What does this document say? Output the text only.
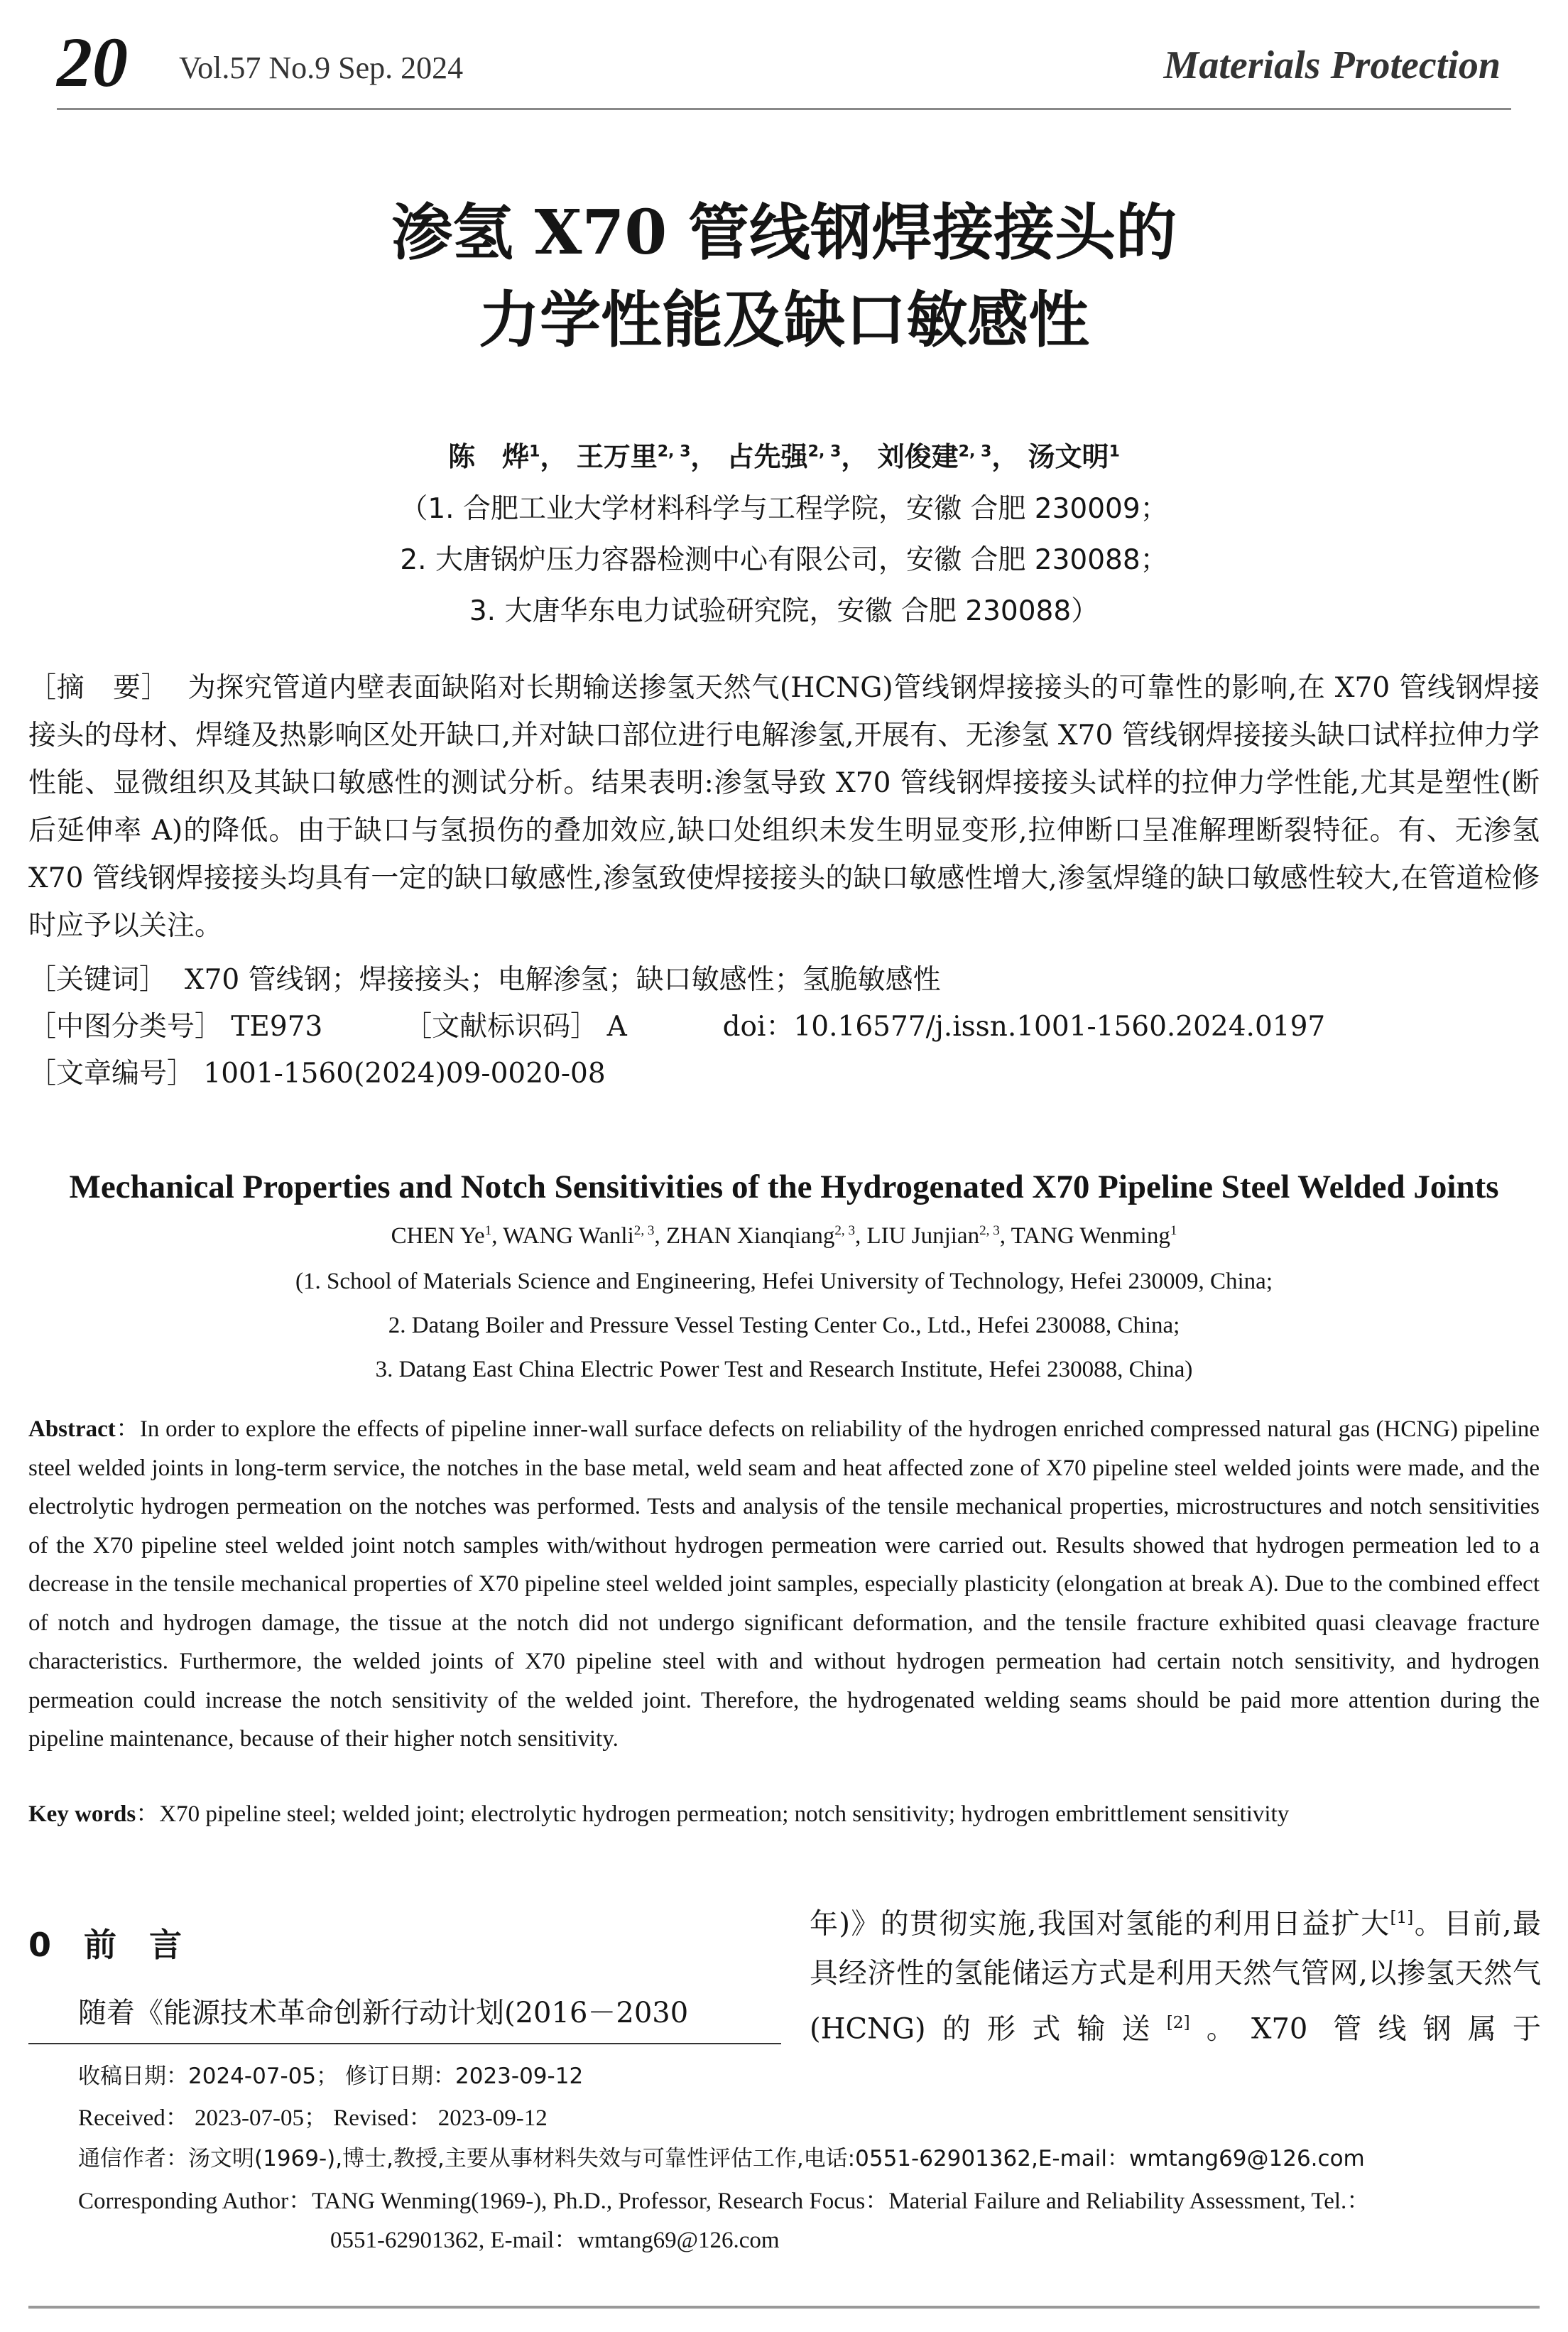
20 Vol.57 No.9 Sep. 2024	Materials Protection
渗氢 X70 管线钢焊接接头的
力学性能及缺口敏感性
陈　烨$^1$， 王万里$^{2, 3}$， 占先强$^{2, 3}$， 刘俊建$^{2, 3}$， 汤文明$^1$
（1. 合肥工业大学材料科学与工程学院，安徽 合肥 230009；
2. 大唐锅炉压力容器检测中心有限公司，安徽 合肥 230088；
3. 大唐华东电力试验研究院，安徽 合肥 230088）
［摘　要］ 为探究管道内壁表面缺陷对长期输送掺氢天然气(HCNG)管线钢焊接接头的可靠性的影响,在 X70 管线钢焊接接头的母材、焊缝及热影响区处开缺口,并对缺口部位进行电解渗氢,开展有、无渗氢 X70 管线钢焊接接头缺口试样拉伸力学性能、显微组织及其缺口敏感性的测试分析。结果表明:渗氢导致 X70 管线钢焊接接头试样的拉伸力学性能,尤其是塑性(断后延伸率 A)的降低。由于缺口与氢损伤的叠加效应,缺口处组织未发生明显变形,拉伸断口呈准解理断裂特征。有、无渗氢 X70 管线钢焊接接头均具有一定的缺口敏感性,渗氢致使焊接接头的缺口敏感性增大,渗氢焊缝的缺口敏感性较大,在管道检修时应予以关注。
［关键词］ X70 管线钢；焊接接头；电解渗氢；缺口敏感性；氢脆敏感性
［中图分类号］ TE973	［文献标识码］ A	doi：10.16577/j.issn.1001-1560.2024.0197
［文章编号］ 1001-1560(2024)09-0020-08
Mechanical Properties and Notch Sensitivities of the Hydrogenated X70 Pipeline Steel Welded Joints
CHEN Ye$^1$, WANG Wanli$^{2, 3}$, ZHAN Xianqiang$^{2, 3}$, LIU Junjian$^{2, 3}$, TANG Wenming$^1$
(1. School of Materials Science and Engineering, Hefei University of Technology, Hefei 230009, China;
2. Datang Boiler and Pressure Vessel Testing Center Co., Ltd., Hefei 230088, China;
3. Datang East China Electric Power Test and Research Institute, Hefei 230088, China)
Abstract：In order to explore the effects of pipeline inner-wall surface defects on reliability of the hydrogen enriched compressed natural gas (HCNG) pipeline steel welded joints in long-term service, the notches in the base metal, weld seam and heat affected zone of X70 pipeline steel welded joints were made, and the electrolytic hydrogen permeation on the notches was performed. Tests and analysis of the tensile mechanical properties, microstructures and notch sensitivities of the X70 pipeline steel welded joint notch samples with/without hydrogen permeation were carried out. Results showed that hydrogen permeation led to a decrease in the tensile mechanical properties of X70 pipeline steel welded joint samples, especially plasticity (elongation at break A). Due to the combined effect of notch and hydrogen damage, the tissue at the notch did not undergo significant deformation, and the tensile fracture exhibited quasi cleavage fracture characteristics. Furthermore, the welded joints of X70 pipeline steel with and without hydrogen permeation had certain notch sensitivity, and hydrogen permeation could increase the notch sensitivity of the welded joint. Therefore, the hydrogenated welding seams should be paid more attention during the pipeline maintenance, because of their higher notch sensitivity.
Key words：X70 pipeline steel; welded joint; electrolytic hydrogen permeation; notch sensitivity; hydrogen embrittlement sensitivity
0　前　言
随着《能源技术革命创新行动计划(2016－2030
年)》的贯彻实施,我国对氢能的利用日益扩大[1]。目前,最具经济性的氢能储运方式是利用天然气管网,以掺氢天然气(HCNG)的形式输送[2]。X70 管线钢属于
收稿日期：2024-07-05； 修订日期：2023-09-12
Received： 2023-07-05； Revised： 2023-09-12
通信作者：汤文明(1969-),博士,教授,主要从事材料失效与可靠性评估工作,电话:0551-62901362,E-mail：wmtang69@126.com
Corresponding Author：TANG Wenming(1969-), Ph.D., Professor, Research Focus：Material Failure and Reliability Assessment, Tel.：
0551-62901362, E-mail：wmtang69@126.com
